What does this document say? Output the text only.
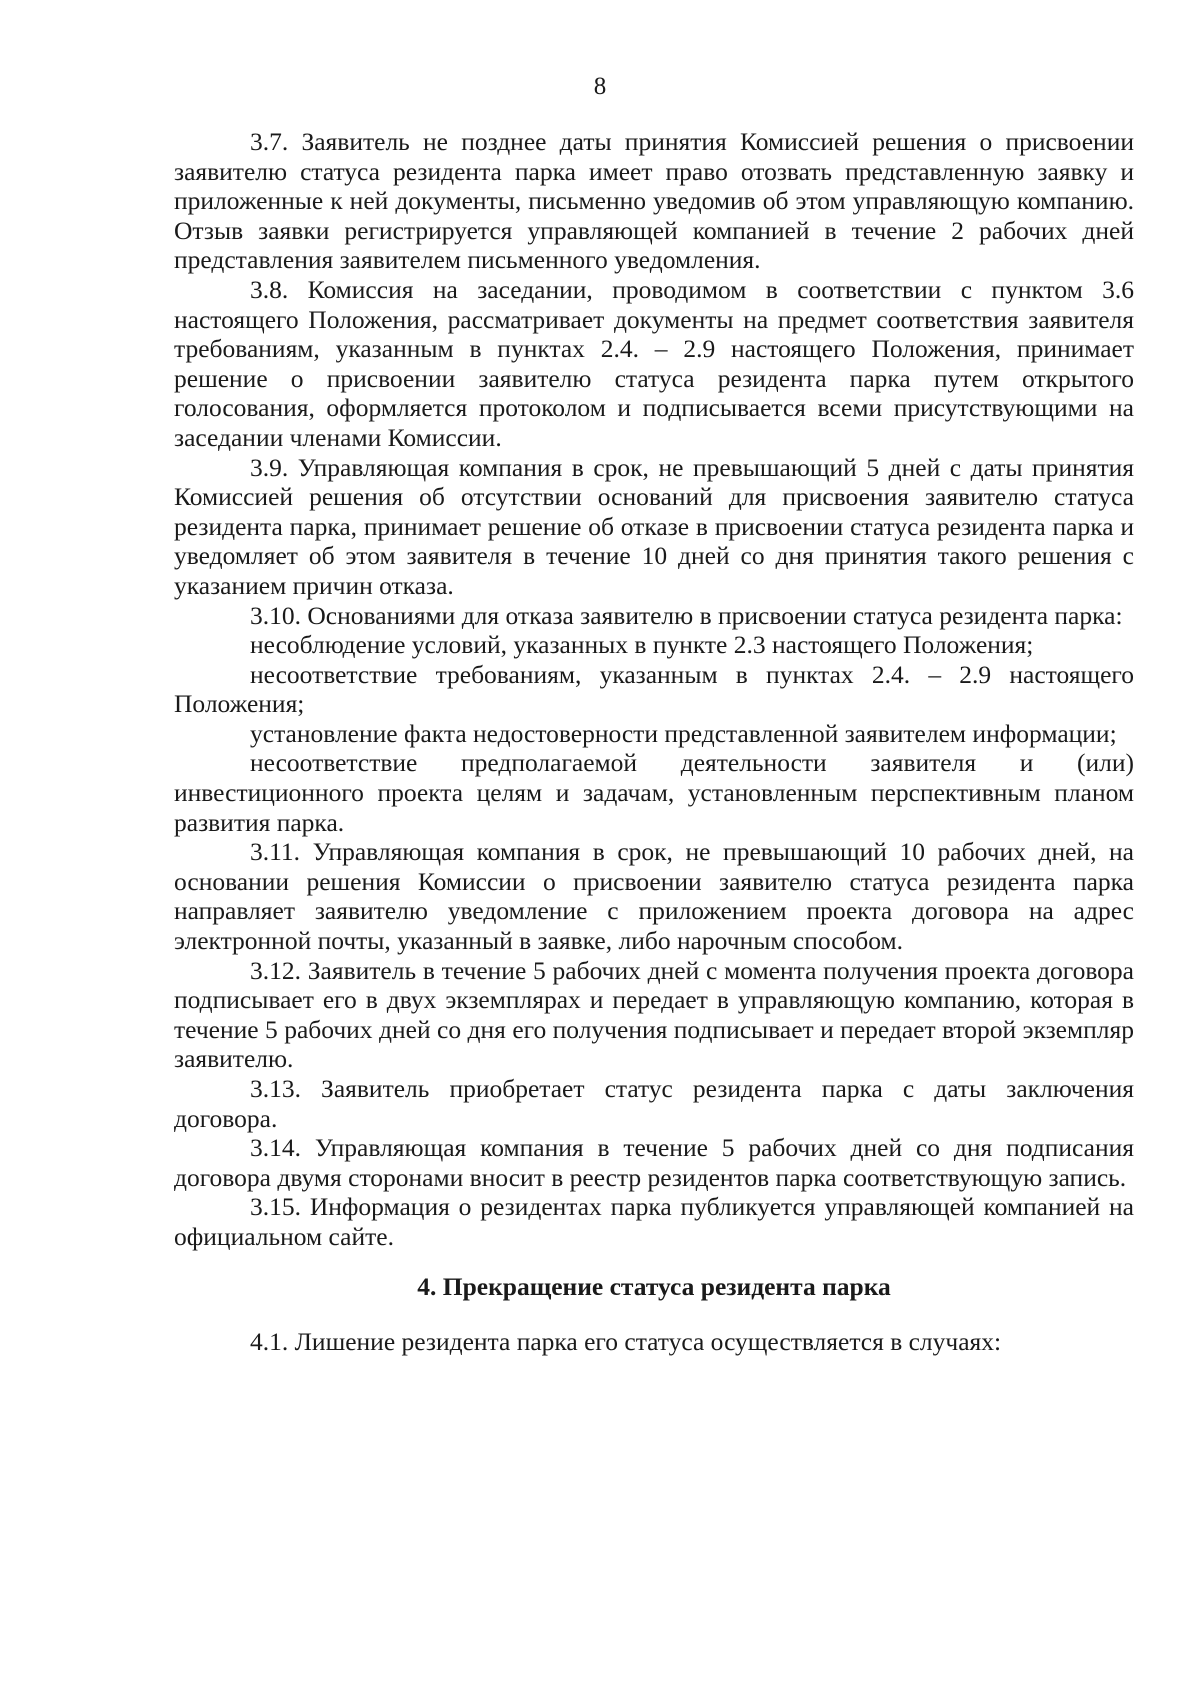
8

3.7. Заявитель не позднее даты принятия Комиссией решения о присвоении заявителю статуса резидента парка имеет право отозвать представленную заявку и приложенные к ней документы, письменно уведомив об этом управляющую компанию. Отзыв заявки регистрируется управляющей компанией в течение 2 рабочих дней представления заявителем письменного уведомления.

3.8. Комиссия на заседании, проводимом в соответствии с пунктом 3.6 настоящего Положения, рассматривает документы на предмет соответствия заявителя требованиям, указанным в пунктах 2.4. – 2.9 настоящего Положения, принимает решение о присвоении заявителю статуса резидента парка путем открытого голосования, оформляется протоколом и подписывается всеми присутствующими на заседании членами Комиссии.

3.9. Управляющая компания в срок, не превышающий 5 дней с даты принятия Комиссией решения об отсутствии оснований для присвоения заявителю статуса резидента парка, принимает решение об отказе в присвоении статуса резидента парка и уведомляет об этом заявителя в течение 10 дней со дня принятия такого решения с указанием причин отказа.

3.10. Основаниями для отказа заявителю в присвоении статуса резидента парка:

несоблюдение условий, указанных в пункте 2.3 настоящего Положения;

несоответствие требованиям, указанным в пунктах 2.4. – 2.9 настоящего Положения;

установление факта недостоверности представленной заявителем информации;

несоответствие предполагаемой деятельности заявителя и (или) инвестиционного проекта целям и задачам, установленным перспективным планом развития парка.

3.11. Управляющая компания в срок, не превышающий 10 рабочих дней, на основании решения Комиссии о присвоении заявителю статуса резидента парка направляет заявителю уведомление с приложением проекта договора на адрес электронной почты, указанный в заявке, либо нарочным способом.

3.12. Заявитель в течение 5 рабочих дней с момента получения проекта договора подписывает его в двух экземплярах и передает в управляющую компанию, которая в течение 5 рабочих дней со дня его получения подписывает и передает второй экземпляр заявителю.

3.13. Заявитель приобретает статус резидента парка с даты заключения договора.

3.14. Управляющая компания в течение 5 рабочих дней со дня подписания договора двумя сторонами вносит в реестр резидентов парка соответствующую запись.

3.15. Информация о резидентах парка публикуется управляющей компанией на официальном сайте.

4. Прекращение статуса резидента парка

4.1. Лишение резидента парка его статуса осуществляется в случаях:
